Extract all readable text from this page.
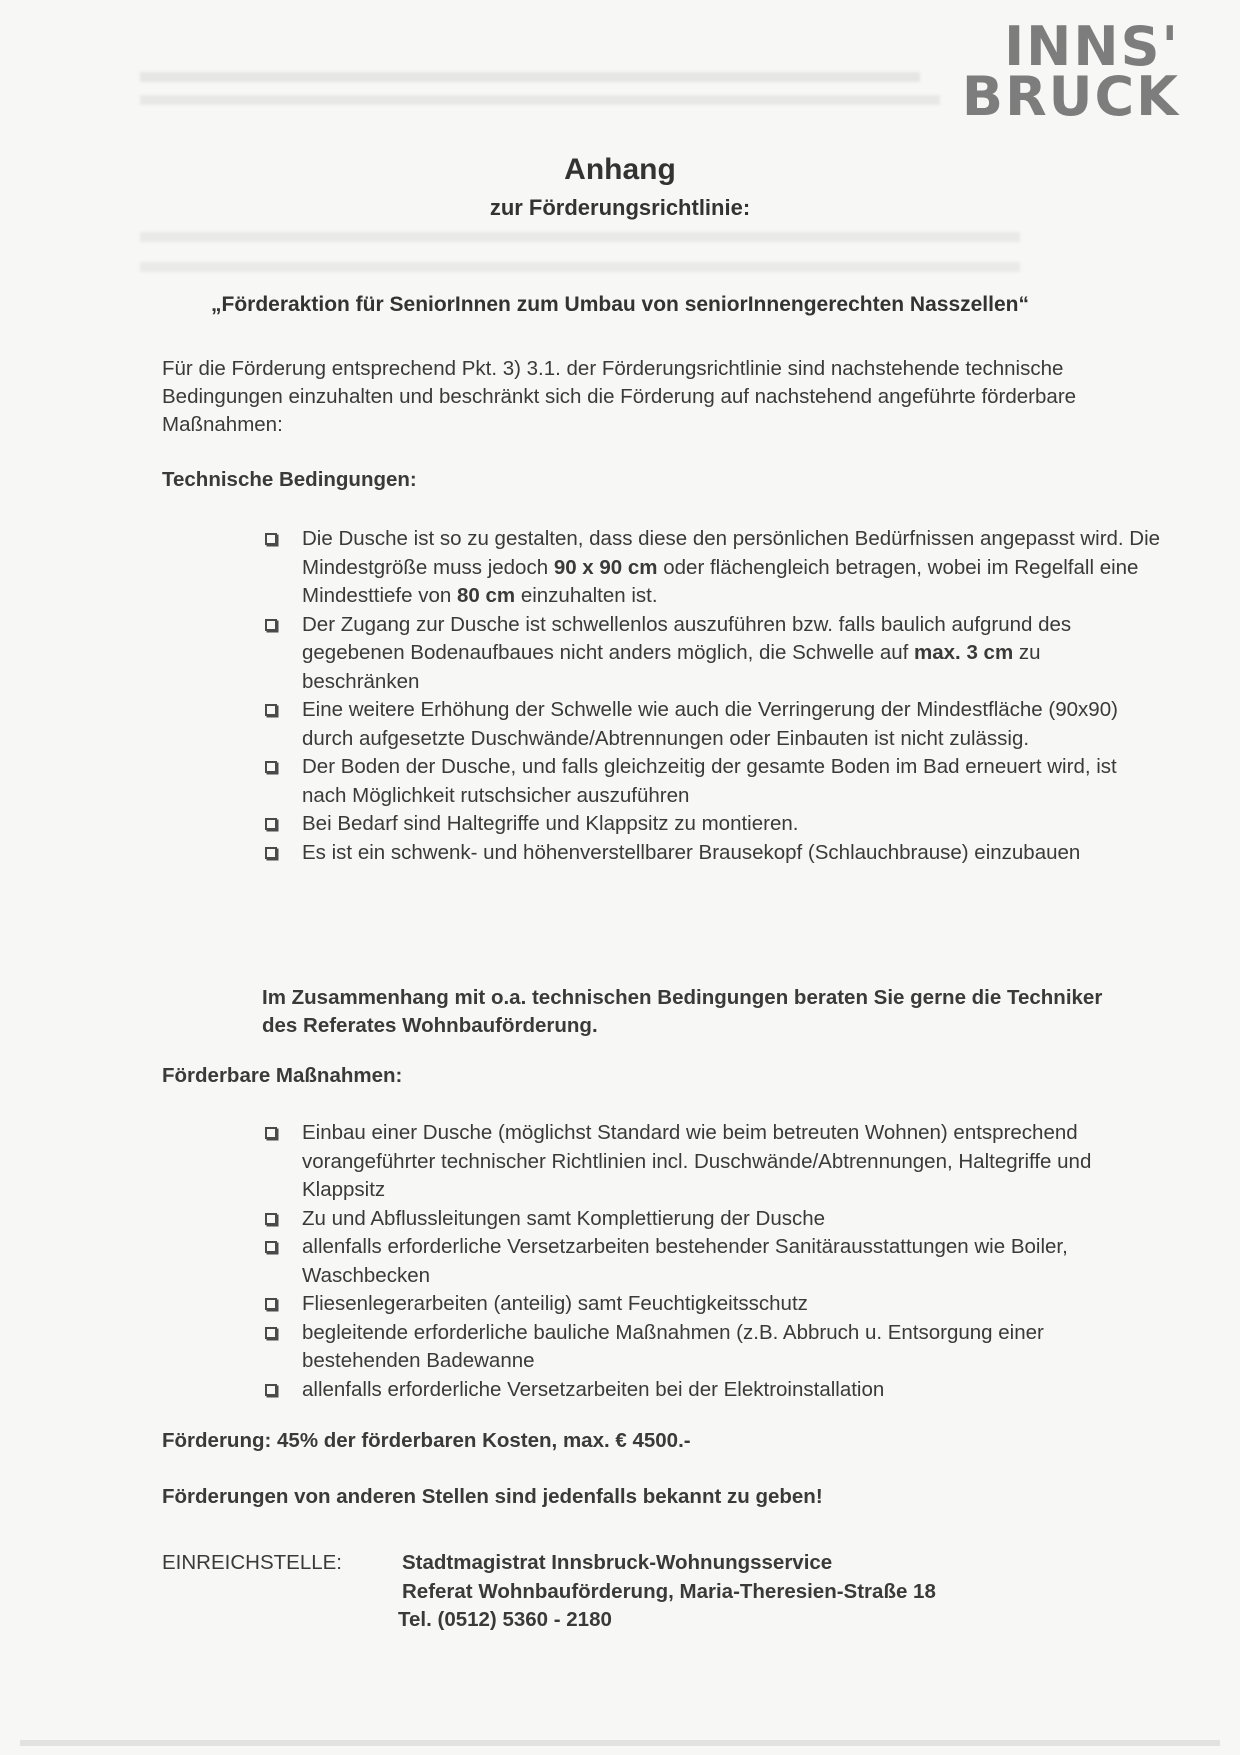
INNS'
BRUCK
Anhang
zur Förderungsrichtlinie:
„Förderaktion für SeniorInnen zum Umbau von seniorInnengerechten Nasszellen“
Für die Förderung entsprechend Pkt. 3) 3.1. der Förderungsrichtlinie sind nachstehende technische Bedingungen einzuhalten und beschränkt sich die Förderung auf nachstehend angeführte förderbare Maßnahmen:
Technische Bedingungen:
Die Dusche ist so zu gestalten, dass diese den persönlichen Bedürfnissen angepasst wird. Die Mindestgröße muss jedoch 90 x 90 cm oder flächengleich betragen, wobei im Regelfall eine Mindesttiefe von 80 cm einzuhalten ist.
Der Zugang zur Dusche ist schwellenlos auszuführen bzw. falls baulich aufgrund des gegebenen Bodenaufbaues nicht anders möglich, die Schwelle auf max. 3 cm zu beschränken
Eine weitere Erhöhung der Schwelle wie auch die Verringerung der Mindestfläche (90x90) durch aufgesetzte Duschwände/Abtrennungen oder Einbauten ist nicht zulässig.
Der Boden der Dusche, und falls gleichzeitig der gesamte Boden im Bad erneuert wird, ist nach Möglichkeit rutschsicher auszuführen
Bei Bedarf sind Haltegriffe und Klappsitz zu montieren.
Es ist ein schwenk- und höhenverstellbarer Brausekopf (Schlauchbrause) einzubauen
Im Zusammenhang mit o.a. technischen Bedingungen beraten Sie gerne die Techniker des Referates Wohnbauförderung.
Förderbare Maßnahmen:
Einbau einer Dusche (möglichst Standard wie beim betreuten Wohnen) entsprechend vorangeführter technischer Richtlinien incl. Duschwände/Abtrennungen, Haltegriffe und Klappsitz
Zu und Abflussleitungen samt Komplettierung der Dusche
allenfalls erforderliche Versetzarbeiten bestehender Sanitärausstattungen wie Boiler, Waschbecken
Fliesenlegerarbeiten (anteilig) samt Feuchtigkeitsschutz
begleitende erforderliche bauliche Maßnahmen (z.B. Abbruch u. Entsorgung einer bestehenden Badewanne
allenfalls erforderliche Versetzarbeiten bei der Elektroinstallation
Förderung: 45% der förderbaren Kosten, max. € 4500.-
Förderungen von anderen Stellen sind jedenfalls bekannt zu geben!
EINREICHSTELLE:	Stadtmagistrat Innsbruck-Wohnungsservice
Referat Wohnbauförderung, Maria-Theresien-Straße 18
Tel. (0512) 5360 - 2180
